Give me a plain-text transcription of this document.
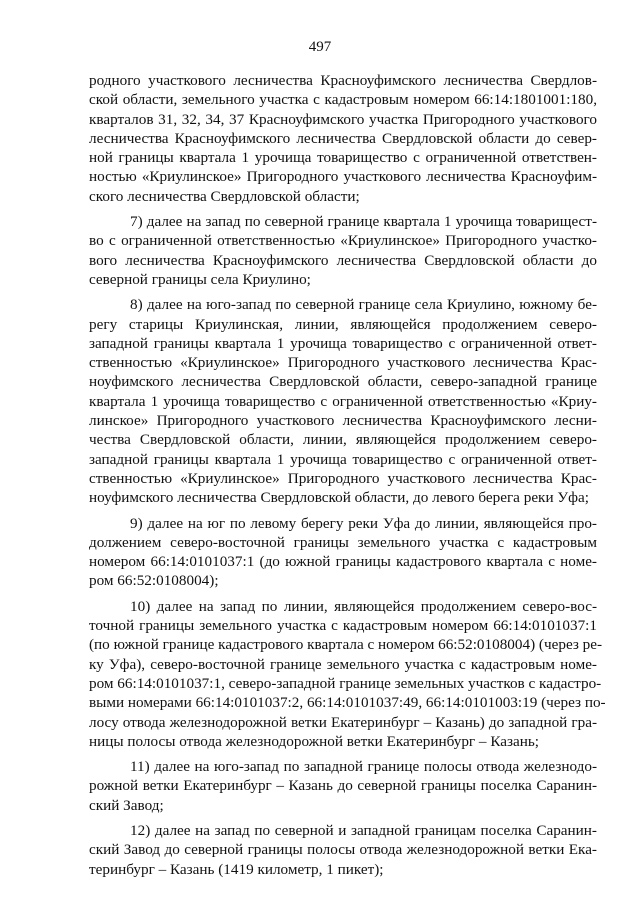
497

родного участкового лесничества Красноуфимского лесничества Свердлов-
ской области, земельного участка с кадастровым номером 66:14:1801001:180,
кварталов 31, 32, 34, 37 Красноуфимского участка Пригородного участкового
лесничества Красноуфимского лесничества Свердловской области до север-
ной границы квартала 1 урочища товарищество с ограниченной ответствен-
ностью «Криулинское» Пригородного участкового лесничества Красноуфим-
ского лесничества Свердловской области;

7) далее на запад по северной границе квартала 1 урочища товарищест-
во с ограниченной ответственностью «Криулинское» Пригородного участко-
вого лесничества Красноуфимского лесничества Свердловской области до
северной границы села Криулино;

8) далее на юго-запад по северной границе села Криулино, южному бе-
регу старицы Криулинская, линии, являющейся продолжением северо-
западной границы квартала 1 урочища товарищество с ограниченной ответ-
ственностью «Криулинское» Пригородного участкового лесничества Крас-
ноуфимского лесничества Свердловской области, северо-западной границе
квартала 1 урочища товарищество с ограниченной ответственностью «Криу-
линское» Пригородного участкового лесничества Красноуфимского лесни-
чества Свердловской области, линии, являющейся продолжением северо-
западной границы квартала 1 урочища товарищество с ограниченной ответ-
ственностью «Криулинское» Пригородного участкового лесничества Крас-
ноуфимского лесничества Свердловской области, до левого берега реки Уфа;

9) далее на юг по левому берегу реки Уфа до линии, являющейся про-
должением северо-восточной границы земельного участка с кадастровым
номером 66:14:0101037:1 (до южной границы кадастрового квартала с номе-
ром 66:52:0108004);

10) далее на запад по линии, являющейся продолжением северо-вос-
точной границы земельного участка с кадастровым номером 66:14:0101037:1
(по южной границе кадастрового квартала с номером 66:52:0108004) (через ре-
ку Уфа), северо-восточной границе земельного участка с кадастровым номе-
ром 66:14:0101037:1, северо-западной границе земельных участков с кадастро-
выми номерами 66:14:0101037:2, 66:14:0101037:49, 66:14:0101003:19 (через по-
лосу отвода железнодорожной ветки Екатеринбург – Казань) до западной гра-
ницы полосы отвода железнодорожной ветки Екатеринбург – Казань;

11) далее на юго-запад по западной границе полосы отвода железнодо-
рожной ветки Екатеринбург – Казань до северной границы поселка Саранин-
ский Завод;

12) далее на запад по северной и западной границам поселка Саранин-
ский Завод до северной границы полосы отвода железнодорожной ветки Ека-
теринбург – Казань (1419 километр, 1 пикет);
